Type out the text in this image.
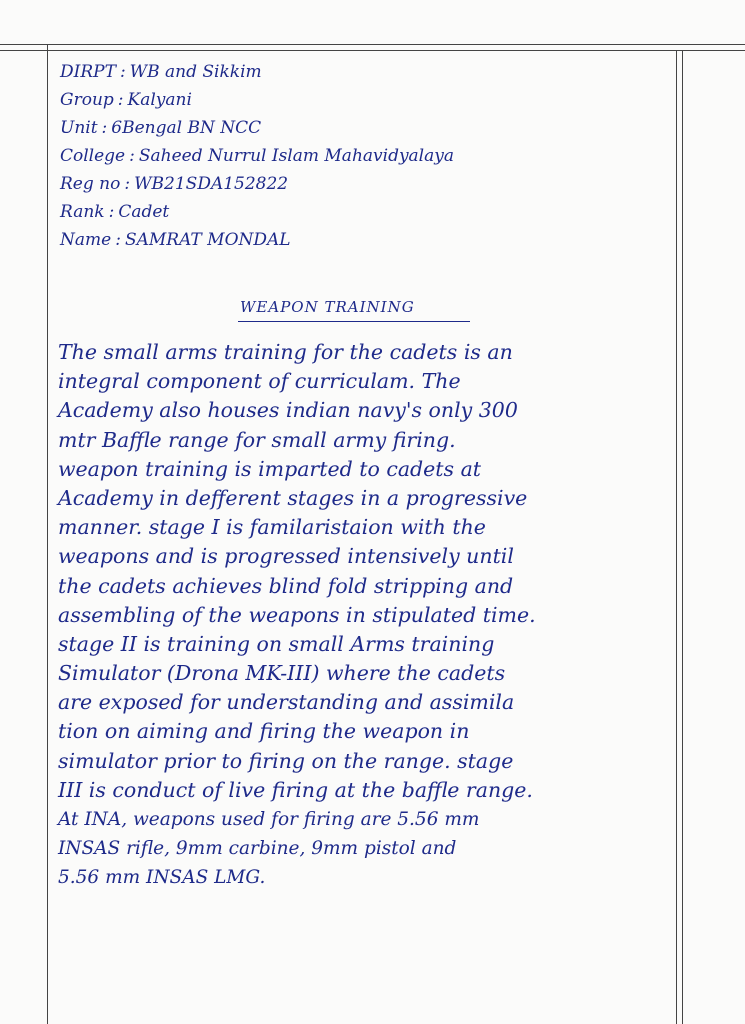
DIRPT : WB and Sikkim
Group : Kalyani
Unit : 6Bengal BN NCC
College : Saheed Nurrul Islam Mahavidyalaya
Reg no : WB21SDA152822
Rank : Cadet
Name : SAMRAT MONDAL
WEAPON TRAINING
The small arms training for the cadets is an
integral component of curriculam. The
Academy also houses indian navy's only 300
mtr Baffle range for small army firing.
weapon training is imparted to cadets at
Academy in defferent stages in a progressive
manner. stage I is familaristaion with the
weapons and is progressed intensively until
the cadets achieves blind fold stripping and
assembling of the weapons in stipulated time.
stage II is training on small Arms training
Simulator (Drona MK-III) where the cadets
are exposed for understanding and assimila
tion on aiming and firing the weapon in
simulator prior to firing on the range. stage
III is conduct of live firing at the baffle range.
At INA, weapons used for firing are 5.56 mm
INSAS rifle, 9mm carbine, 9mm pistol and
5.56 mm INSAS LMG.
